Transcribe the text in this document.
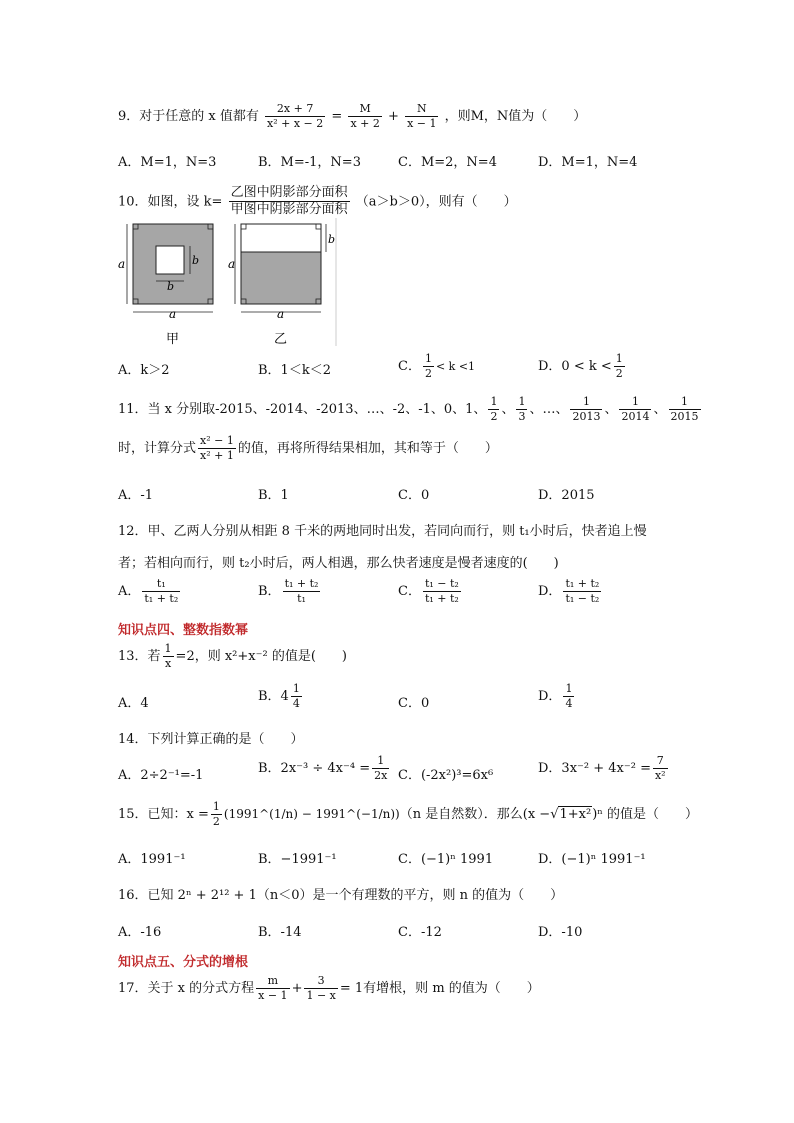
9．对于任意的 x 值都有 $\frac{2x + 7}{\text{x² + x − 2}} = \frac{M}{x + 2} + \frac{N}{x - 1}$ ，则M，N值为（　　）
A．M=1，N=3	B．M=-1，N=3	C．M=2，N=4	D．M=1，N=4
10．如图，设 $k= \frac{\text{乙图中阴影部分面积}}{\text{甲图中阴影部分面积}} (a>b>0)$，则有（　　）
a
a
b
b
甲
a
b
a
乙
A．k＞2	B．1＜k＜2	C． $\frac{1}{2} < k <1$	D．$0 < k < \frac{1}{2}$
11．当 x 分别取-2015、-2014、-2013、…、-2、-1、0、1、 $\frac{1}{2}$ 、 $\frac{1}{3}$ 、…、 $\frac{1}{2013}$ 、 $\frac{1}{2014}$ 、 $\frac{1}{2015}$
时，计算分式 $\frac{\text{x² − 1}}{\text{x² + 1}}$ 的值，再将所得结果相加，其和等于（　　）
A．-1	B．1	C．0	D．2015
12．甲、乙两人分别从相距 8 千米的两地同时出发，若同向而行，则 t₁小时后，快者追上慢
者；若相向而行，则 t₂小时后，两人相遇，那么快者速度是慢者速度的(　　)
A． $\frac{\text{t₁}}{\text{t₁ + t₂}}$	B． $\frac{\text{t₁ + t₂}}{\text{t₁}}$	C． $\frac{\text{t₁ − t₂}}{\text{t₁ + t₂}}$	D． $\frac{\text{t₁ + t₂}}{\text{t₁ − t₂}}$
知识点四、整数指数幂
13．若 $\frac{1}{x} =2$，则 x²+x⁻² 的值是(　　)
A．4	B．$4 \frac{1}{4}$	C．0	D． $\frac{1}{4}$
14．下列计算正确的是（　　）
A．2÷2⁻¹=-1	B．$2x^{-3} \div 4x^{-4} = \frac{1}{2x}$ C．(-2x²)³=6x⁶	D．$3x^{-2} + 4x^{-2} = \frac{7}{\text{x²}}$
15．已知：$x = \frac{1}{2}$ (1991^(1/n) − 1991^(−1/n))（n 是自然数）．那么(x −√1+x²)ⁿ 的值是（　　）
A．1991⁻¹	B．−1991⁻¹	C．(−1)ⁿ 1991	D．(−1)ⁿ 1991⁻¹
16．已知 2ⁿ + 2¹² + 1（n＜0）是一个有理数的平方，则 n 的值为（　　）
A．-16	B．-14	C．-12	D．-10
知识点五、分式的增根
17．关于 x 的分式方程 $\frac{m}{x - 1} + \frac{3}{1 - x} = 1$有增根，则 m 的值为（　　）
